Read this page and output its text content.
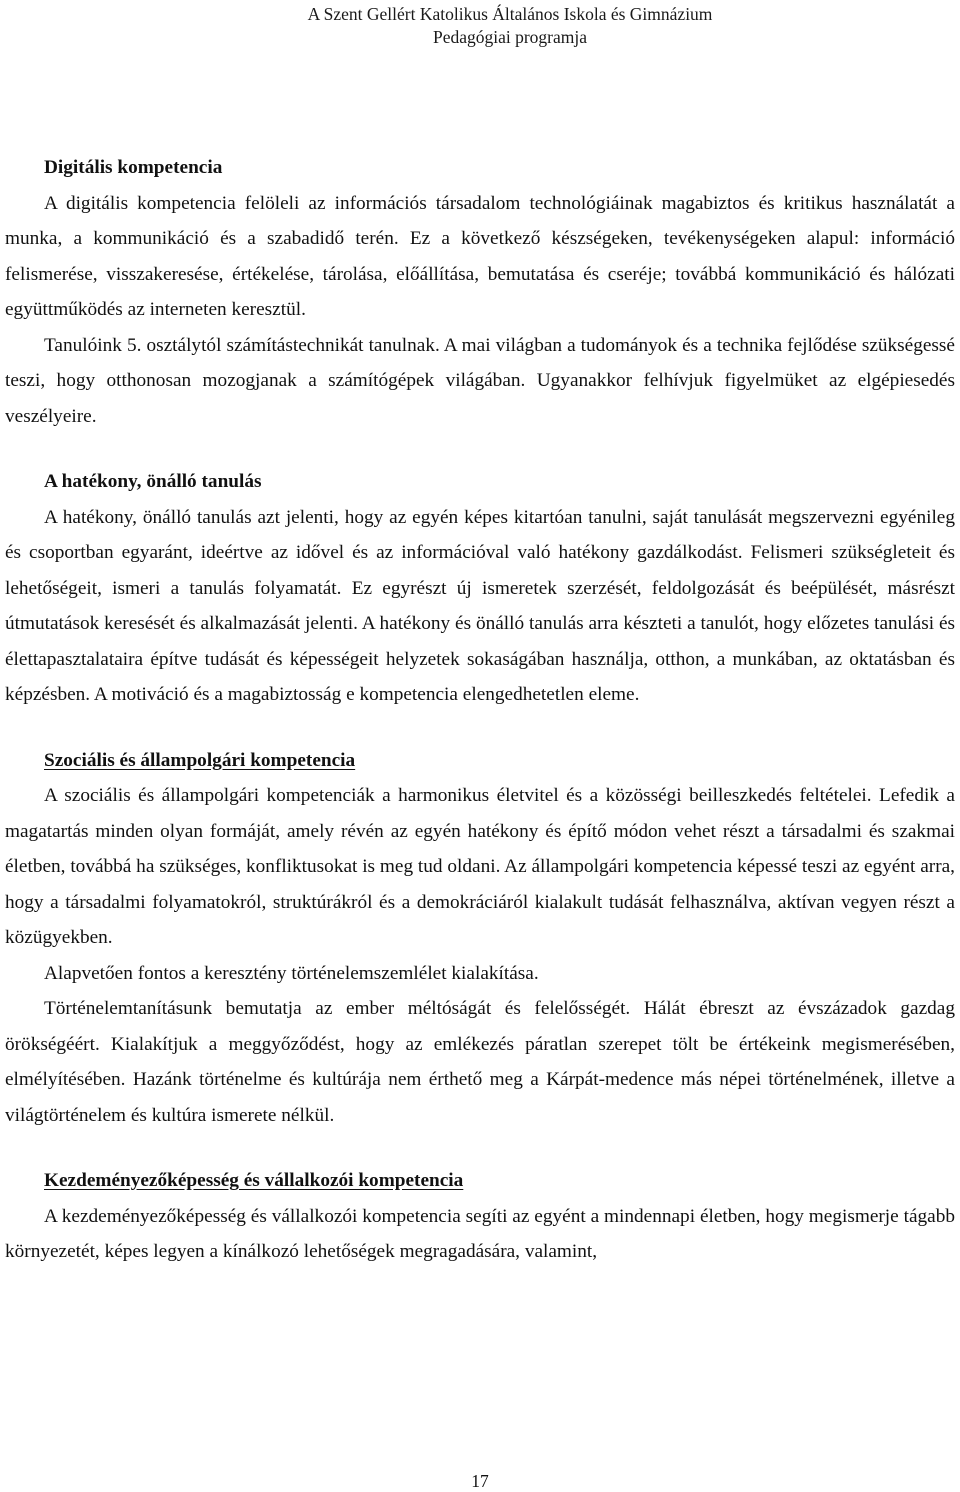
A Szent Gellért Katolikus Általános Iskola és Gimnázium
Pedagógiai programja
Digitális kompetencia

A digitális kompetencia felöleli az információs társadalom technológiáinak magabiztos és kritikus használatát a munka, a kommunikáció és a szabadidő terén. Ez a következő készségeken, tevékenységeken alapul: információ felismerése, visszakeresése, értékelése, tárolása, előállítása, bemutatása és cseréje; továbbá kommunikáció és hálózati együttműködés az interneten keresztül.

Tanulóink 5. osztálytól számítástechnikát tanulnak. A mai világban a tudományok és a technika fejlődése szükségessé teszi, hogy otthonosan mozogjanak a számítógépek világában. Ugyanakkor felhívjuk figyelmüket az elgépiesedés veszélyeire.

A hatékony, önálló tanulás

A hatékony, önálló tanulás azt jelenti, hogy az egyén képes kitartóan tanulni, saját tanulását megszervezni egyénileg és csoportban egyaránt, ideértve az idővel és az információval való hatékony gazdálkodást. Felismeri szükségleteit és lehetőségeit, ismeri a tanulás folyamatát. Ez egyrészt új ismeretek szerzését, feldolgozását és beépülését, másrészt útmutatások keresését és alkalmazását jelenti. A hatékony és önálló tanulás arra készteti a tanulót, hogy előzetes tanulási és élettapasztalataira építve tudását és képességeit helyzetek sokaságában használja, otthon, a munkában, az oktatásban és képzésben. A motiváció és a magabiztosság e kompetencia elengedhetetlen eleme.

Szociális és állampolgári kompetencia

A szociális és állampolgári kompetenciák a harmonikus életvitel és a közösségi beilleszkedés feltételei. Lefedik a magatartás minden olyan formáját, amely révén az egyén hatékony és építő módon vehet részt a társadalmi és szakmai életben, továbbá ha szükséges, konfliktusokat is meg tud oldani. Az állampolgári kompetencia képessé teszi az egyént arra, hogy a társadalmi folyamatokról, struktúrákról és a demokráciáról kialakult tudását felhasználva, aktívan vegyen részt a közügyekben.

Alapvetően fontos a keresztény történelemszemlélet kialakítása.

Történelemtanításunk bemutatja az ember méltóságát és felelősségét. Hálát ébreszt az évszázadok gazdag örökségéért. Kialakítjuk a meggyőződést, hogy az emlékezés páratlan szerepet tölt be értékeink megismerésében, elmélyítésében. Hazánk történelme és kultúrája nem érthető meg a Kárpát-medence más népei történelmének, illetve a világtörténelem és kultúra ismerete nélkül.

Kezdeményezőképesség és vállalkozói kompetencia

A kezdeményezőképesség és vállalkozói kompetencia segíti az egyént a mindennapi életben, hogy megismerje tágabb környezetét, képes legyen a kínálkozó lehetőségek megragadására, valamint,

17
